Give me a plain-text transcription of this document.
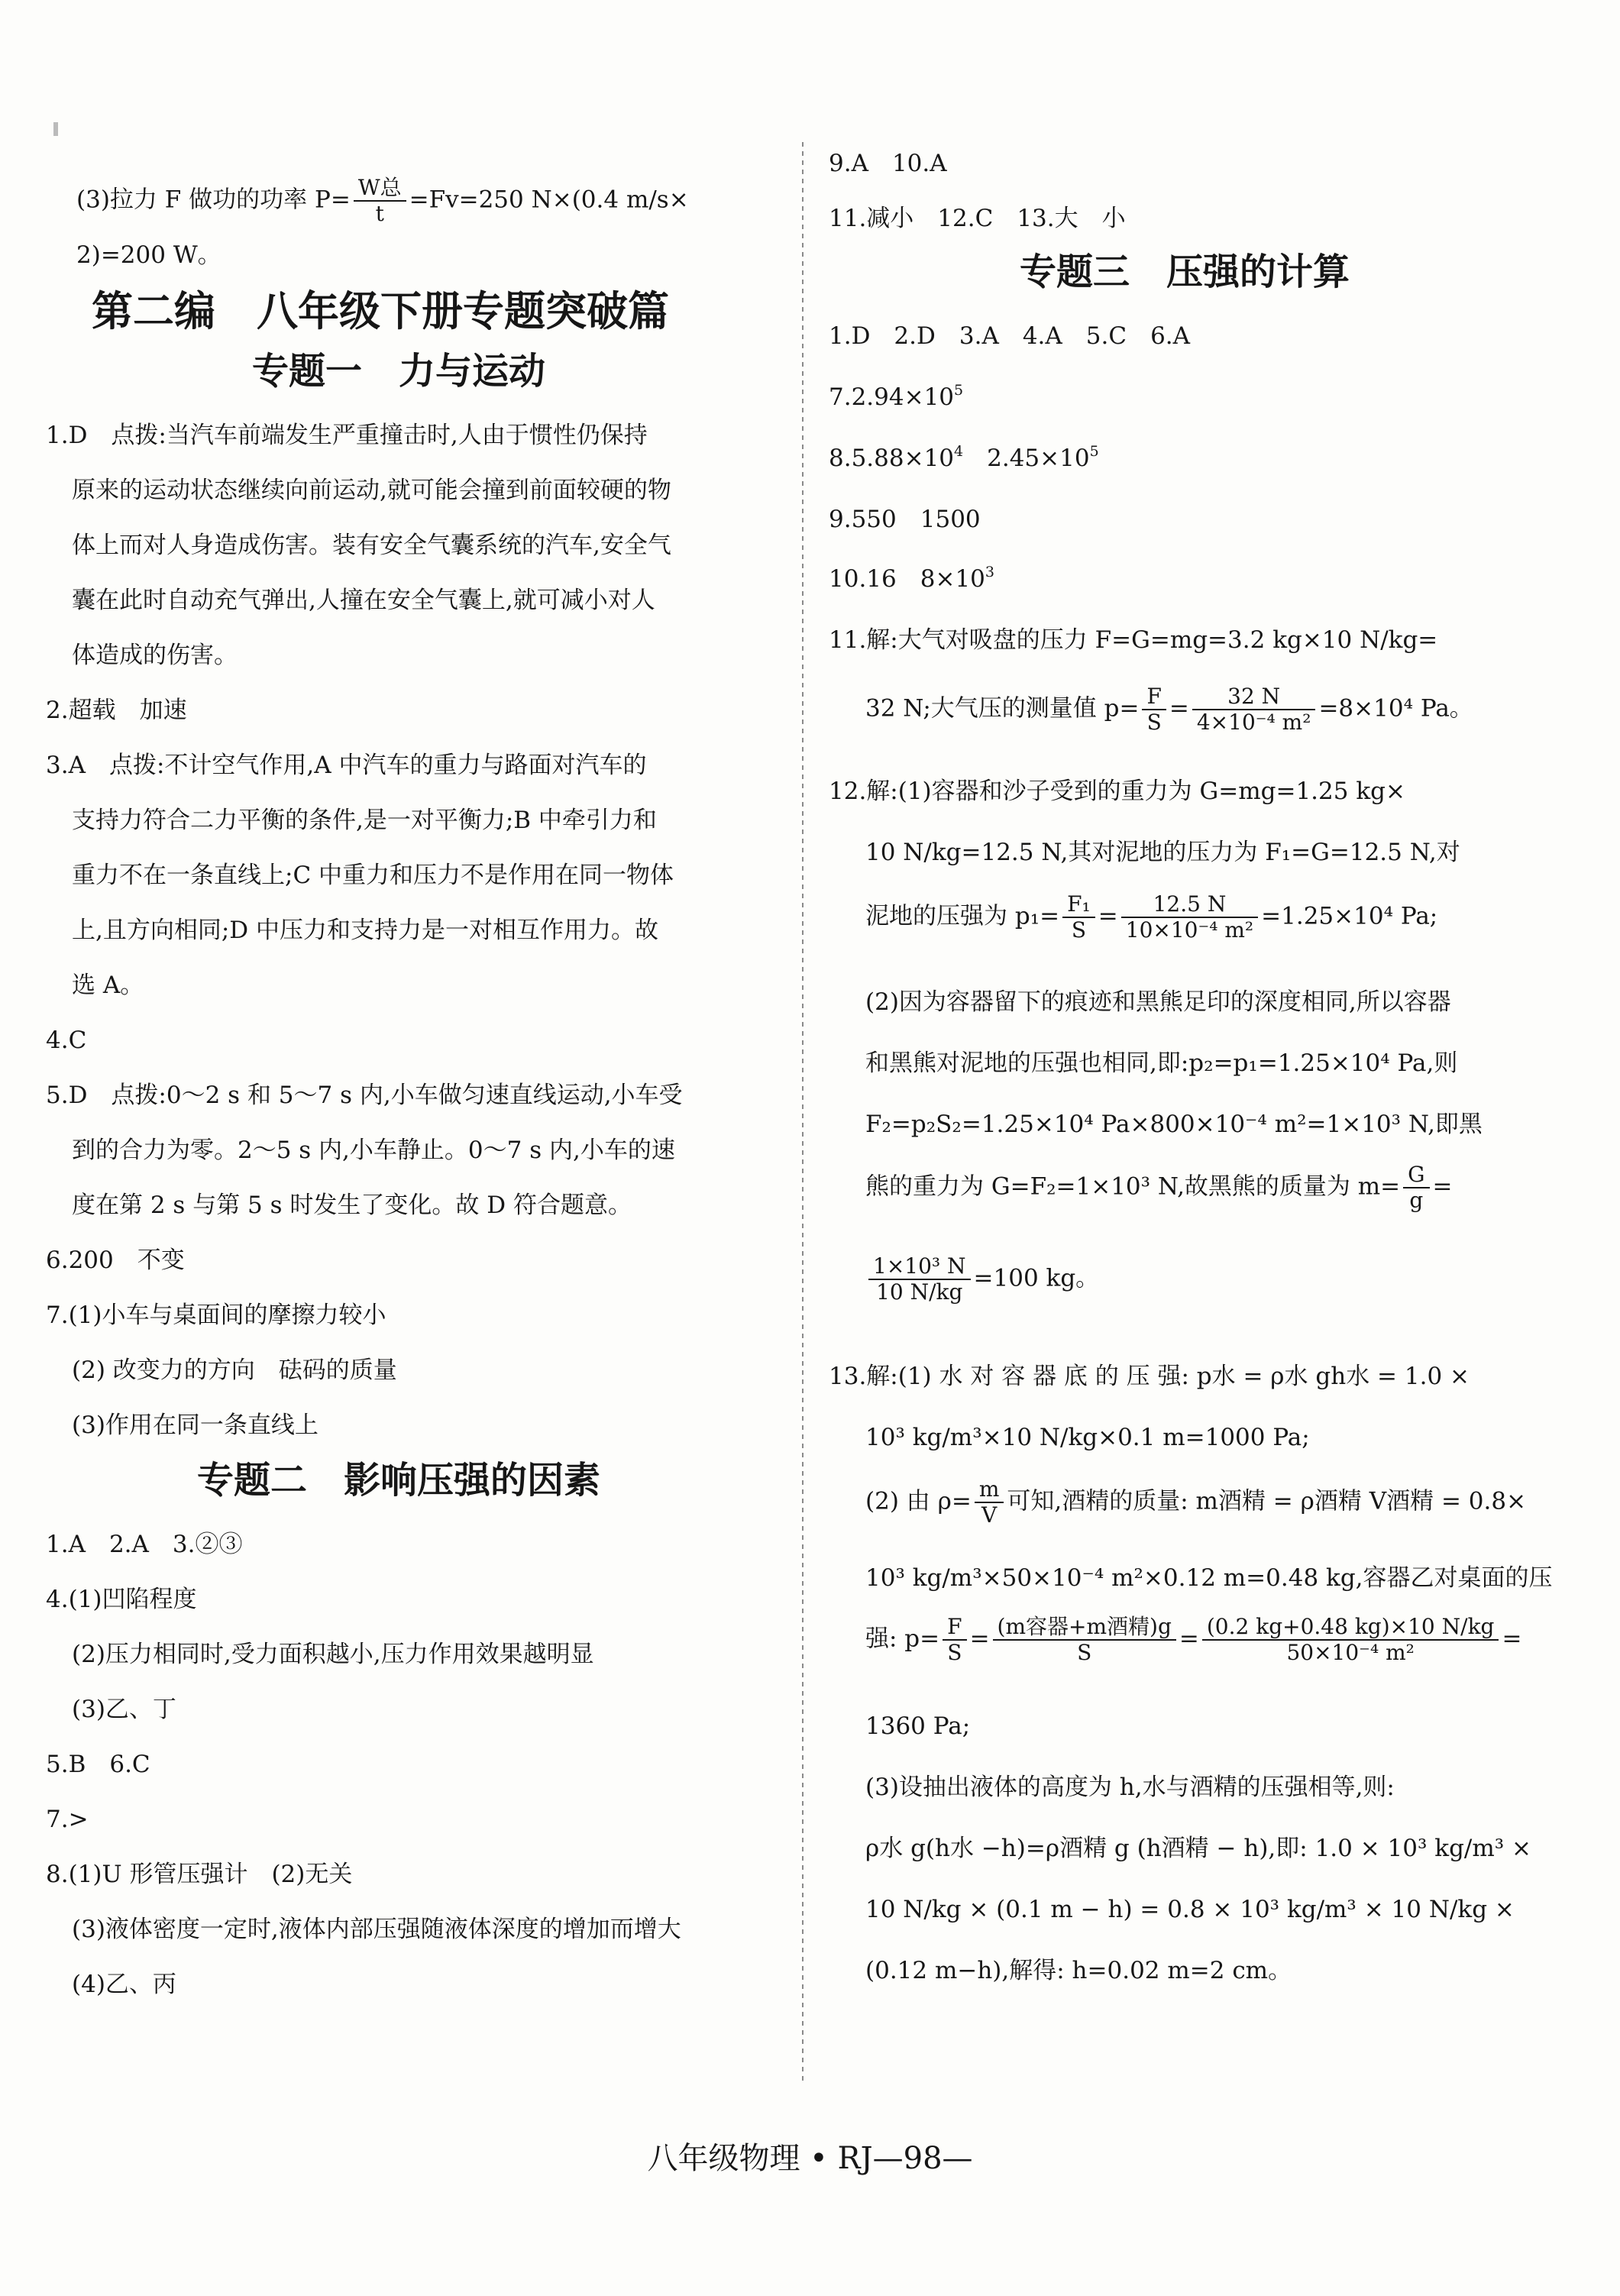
(3)拉力 F 做功的功率 $P= \frac{\text{W总}}{t} =Fv=250$ N×(0.4 m/s×
2)=200 W。
第二编　八年级下册专题突破篇
专题一　力与运动
1.D　点拨:当汽车前端发生严重撞击时,人由于惯性仍保持
原来的运动状态继续向前运动,就可能会撞到前面较硬的物
体上而对人身造成伤害。装有安全气囊系统的汽车,安全气
囊在此时自动充气弹出,人撞在安全气囊上,就可减小对人
体造成的伤害。
2.超载　加速
3.A　点拨:不计空气作用,A 中汽车的重力与路面对汽车的
支持力符合二力平衡的条件,是一对平衡力;B 中牵引力和
重力不在一条直线上;C 中重力和压力不是作用在同一物体
上,且方向相同;D 中压力和支持力是一对相互作用力。故
选 A。
4.C
5.D　点拨:0～2 s 和 5～7 s 内,小车做匀速直线运动,小车受
到的合力为零。2～5 s 内,小车静止。0～7 s 内,小车的速
度在第 2 s 与第 5 s 时发生了变化。故 D 符合题意。
6.200　不变
7.(1)小车与桌面间的摩擦力较小
(2) 改变力的方向　砝码的质量
(3)作用在同一条直线上
专题二　影响压强的因素
1.A　2.A　3.②③
4.(1)凹陷程度
(2)压力相同时,受力面积越小,压力作用效果越明显
(3)乙、丁
5.B　6.C
7.>
8.(1)U 形管压强计　(2)无关
(3)液体密度一定时,液体内部压强随液体深度的增加而增大
(4)乙、丙
9.A　10.A
11.减小　12.C　13.大　小
专题三　压强的计算
1.D　2.D　3.A　4.A　5.C　6.A
$7.2.94\times 10^5$
$8.5.88\times 10^4$　$2.45\times 10^5$
9.550　1500
10.16　$8\times 10^3$
11.解:大气对吸盘的压力 F=G=mg=3.2 kg×10 N/kg=
32 N;大气压的测量值 $p= \frac{F}{S} = \frac{32 N}{\text{4×10⁻⁴ m²}} =8\times 10^4$ Pa。
12.解:(1)容器和沙子受到的重力为 G=mg=1.25 kg×
10 N/kg=12.5 N,其对泥地的压力为 F₁=G=12.5 N,对
泥地的压强为 $p_1= \frac{\text{F₁}}{S} = \frac{12.5 N}{\text{10×10⁻⁴ m²}} =1.25\times 10^4$ Pa;
(2)因为容器留下的痕迹和黑熊足印的深度相同,所以容器
和黑熊对泥地的压强也相同,即:p₂=p₁=1.25×10⁴ Pa,则
F₂=p₂S₂=1.25×10⁴ Pa×800×10⁻⁴ m²=1×10³ N,即黑
熊的重力为 G=F₂=1×10³ N,故黑熊的质量为 $m= \frac{G}{g}$ =
$\frac{\text{1×10³ N}}{10 N/kg} =100$ kg。
13.解:(1) 水 对 容 器 底 的 压 强: p水 = ρ水 gh水 = 1.0 ×
10³ kg/m³×10 N/kg×0.1 m=1000 Pa;
(2) 由 $\rho= \frac{m}{V}$ 可知,酒精的质量: m酒精 = ρ酒精 V酒精 = 0.8×
10³ kg/m³×50×10⁻⁴ m²×0.12 m=0.48 kg,容器乙对桌面的压
强: $p= \frac{F}{S} = \frac{\text{(m容器+m酒精)g}}{S} = \frac{(0.2 kg+0.48 kg)\times 10 N/kg}{\text{50×10⁻⁴ m²}}$ =
1360 Pa;
(3)设抽出液体的高度为 h,水与酒精的压强相等,则:
ρ水 g(h水 −h)=ρ酒精 g (h酒精 − h),即: 1.0 × 10³ kg/m³ ×
10 N/kg × (0.1 m − h) = 0.8 × 10³ kg/m³ × 10 N/kg ×
(0.12 m−h),解得: h=0.02 m=2 cm。
八年级物理 • RJ—98—
